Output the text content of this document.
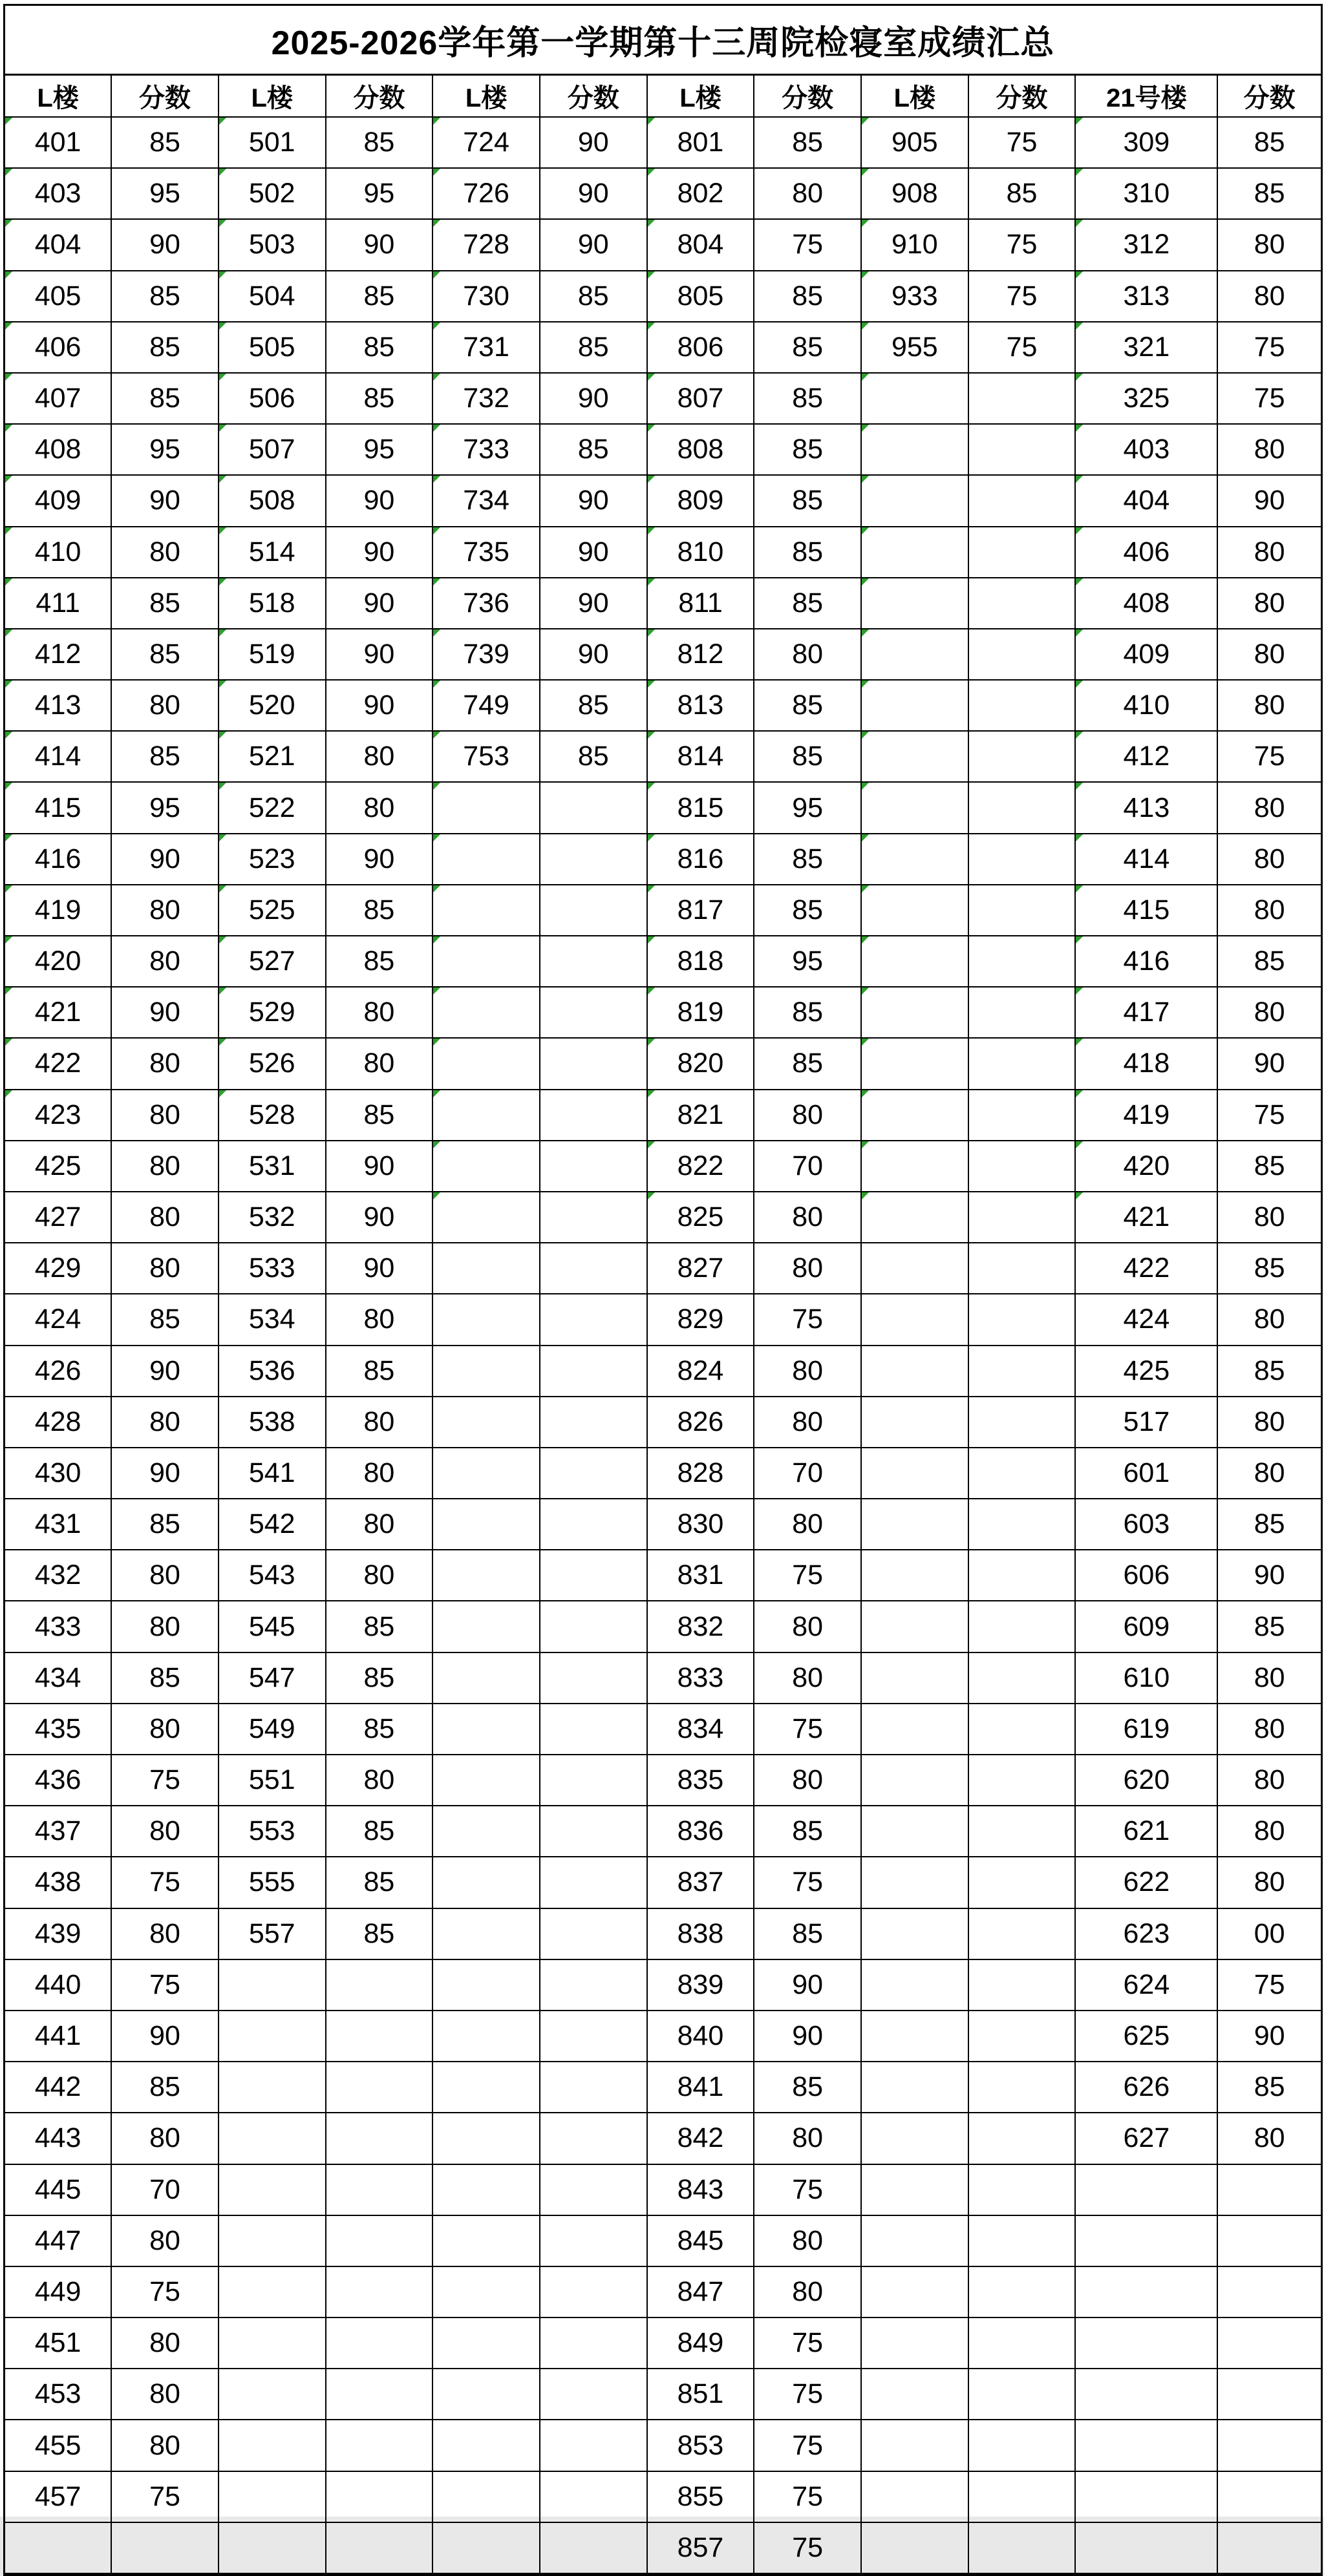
2025-2026学年第一学期第十三周院检寝室成绩汇总											
L楼	分数	L楼	分数	L楼	分数	L楼	分数	L楼	分数	21号楼	分数

401	85	501	85	724	90	801	85	905	75	309	85

403	95	502	95	726	90	802	80	908	85	310	85

404	90	503	90	728	90	804	75	910	75	312	80

405	85	504	85	730	85	805	85	933	75	313	80

406	85	505	85	731	85	806	85	955	75	321	75

407	85	506	85	732	90	807	85			325	75

408	95	507	95	733	85	808	85			403	80

409	90	508	90	734	90	809	85			404	90

410	80	514	90	735	90	810	85			406	80

411	85	518	90	736	90	811	85			408	80

412	85	519	90	739	90	812	80			409	80

413	80	520	90	749	85	813	85			410	80

414	85	521	80	753	85	814	85			412	75

415	95	522	80			815	95			413	80

416	90	523	90			816	85			414	80

419	80	525	85			817	85			415	80

420	80	527	85			818	95			416	85

421	90	529	80			819	85			417	80

422	80	526	80			820	85			418	90

423	80	528	85			821	80			419	75
425	80	531	90			822	70			420	85
427	80	532	90			825	80			421	80
429	80	533	90			827	80			422	85
424	85	534	80			829	75			424	80
426	90	536	85			824	80			425	85
428	80	538	80			826	80			517	80
430	90	541	80			828	70			601	80
431	85	542	80			830	80			603	85
432	80	543	80			831	75			606	90
433	80	545	85			832	80			609	85
434	85	547	85			833	80			610	80
435	80	549	85			834	75			619	80
436	75	551	80			835	80			620	80
437	80	553	85			836	85			621	80
438	75	555	85			837	75			622	80
439	80	557	85			838	85			623	00
440	75					839	90			624	75
441	90					840	90			625	90
442	85					841	85			626	85
443	80					842	80			627	80
445	70					843	75				
447	80					845	80				
449	75					847	80				
451	80					849	75				
453	80					851	75				
455	80					853	75				
457	75					855	75				
						857	75				
